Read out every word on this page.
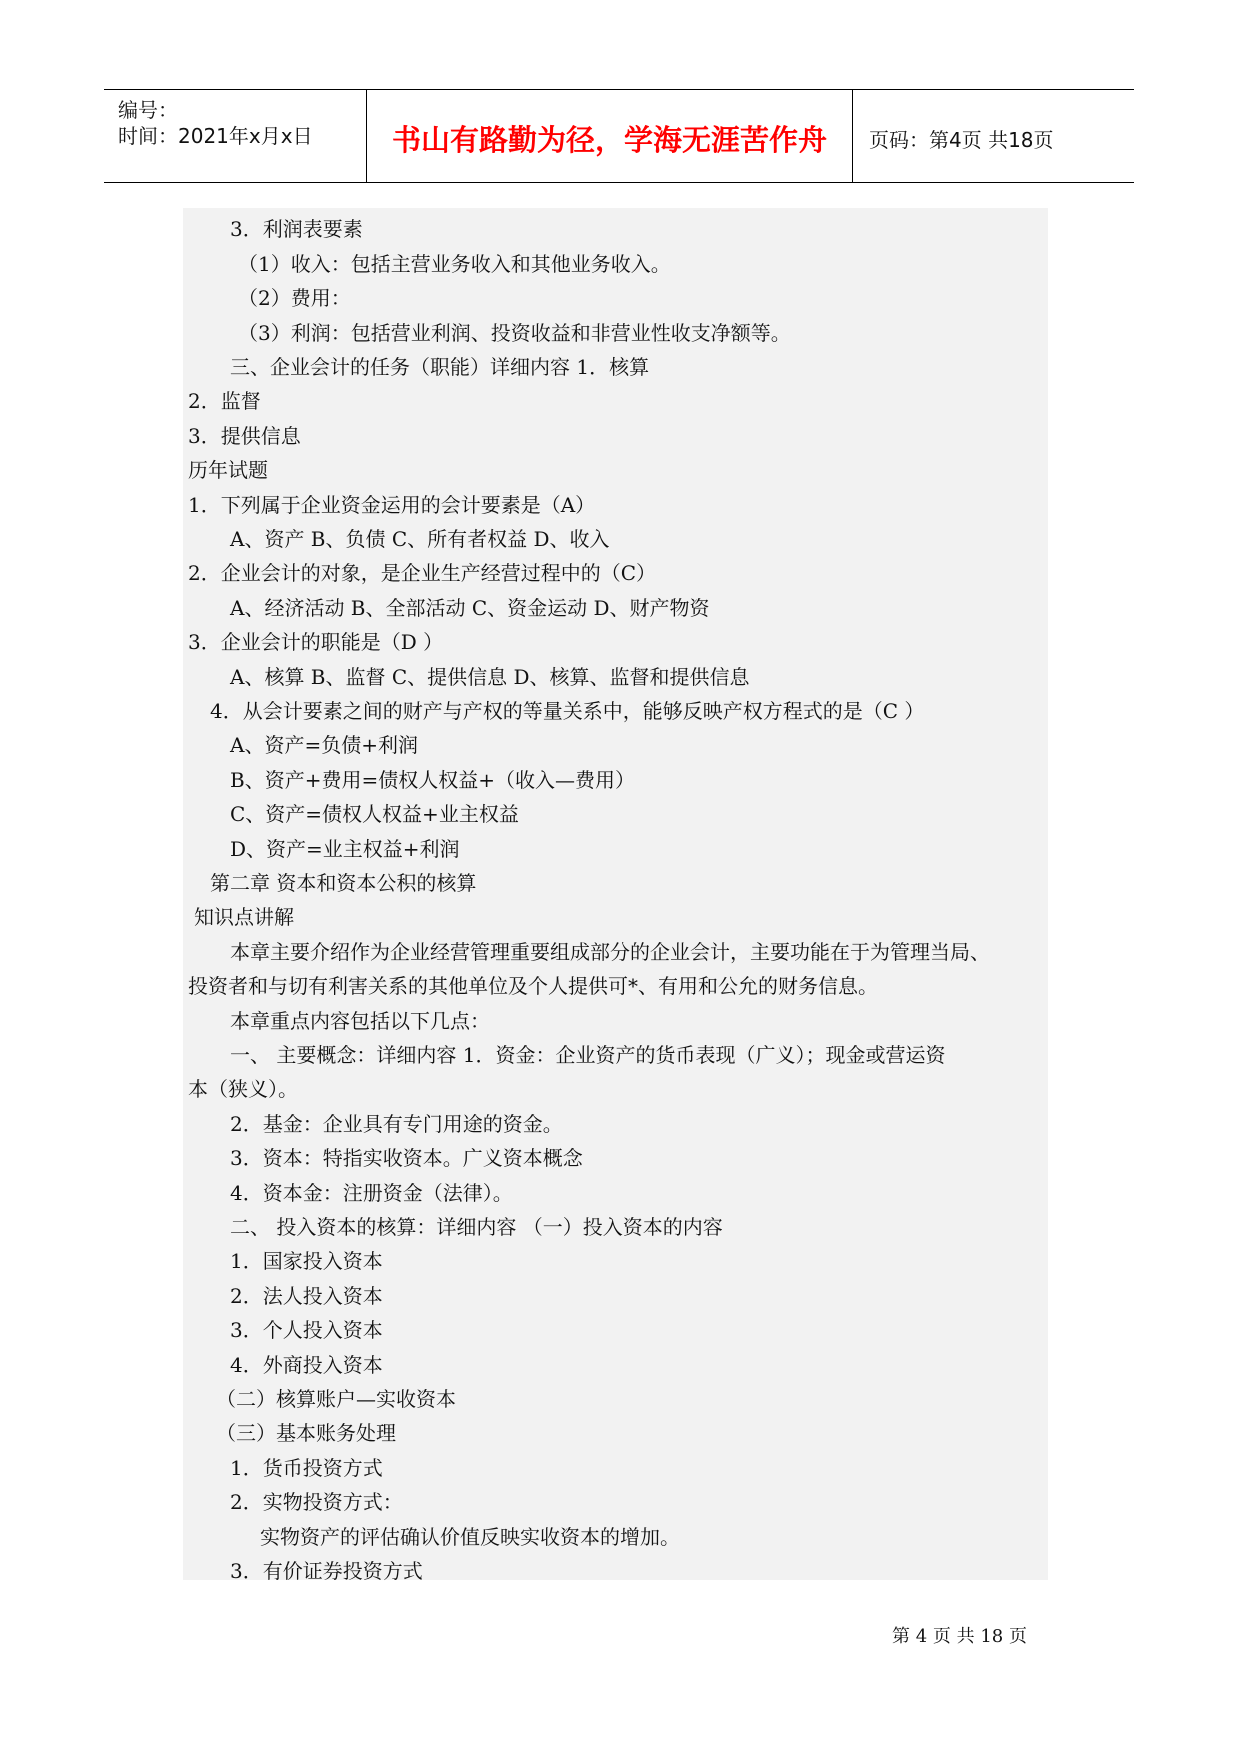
编号：
时间：2021年x月x日	书山有路勤为径，学海无涯苦作舟	页码：第4页 共18页
3．利润表要素
（1）收入：包括主营业务收入和其他业务收入。
（2）费用：
（3）利润：包括营业利润、投资收益和非营业性收支净额等。
三、企业会计的任务（职能）详细内容 1．核算
2．监督
3．提供信息
历年试题
1．下列属于企业资金运用的会计要素是（A）
A、资产 B、负债 C、所有者权益 D、收入
2．企业会计的对象，是企业生产经营过程中的（C）
A、经济活动 B、全部活动 C、资金运动 D、财产物资
3．企业会计的职能是（D ）
A、核算 B、监督 C、提供信息 D、核算、监督和提供信息
4．从会计要素之间的财产与产权的等量关系中，能够反映产权方程式的是（C ）
A、资产=负债+利润
B、资产+费用=债权人权益+（收入—费用）
C、资产=债权人权益+业主权益
D、资产=业主权益+利润
第二章 资本和资本公积的核算
知识点讲解
本章主要介绍作为企业经营管理重要组成部分的企业会计，主要功能在于为管理当局、
投资者和与切有利害关系的其他单位及个人提供可*、有用和公允的财务信息。
本章重点内容包括以下几点：
一、 主要概念：详细内容 1．资金：企业资产的货币表现（广义）；现金或营运资
本（狭义）。
2．基金：企业具有专门用途的资金。
3．资本：特指实收资本。广义资本概念
4．资本金：注册资金（法律）。
二、 投入资本的核算：详细内容 （一）投入资本的内容
1．国家投入资本
2．法人投入资本
3．个人投入资本
4．外商投入资本
（二）核算账户—实收资本
（三）基本账务处理
1．货币投资方式
2．实物投资方式：
实物资产的评估确认价值反映实收资本的增加。
3．有价证券投资方式
第 4 页 共 18 页
